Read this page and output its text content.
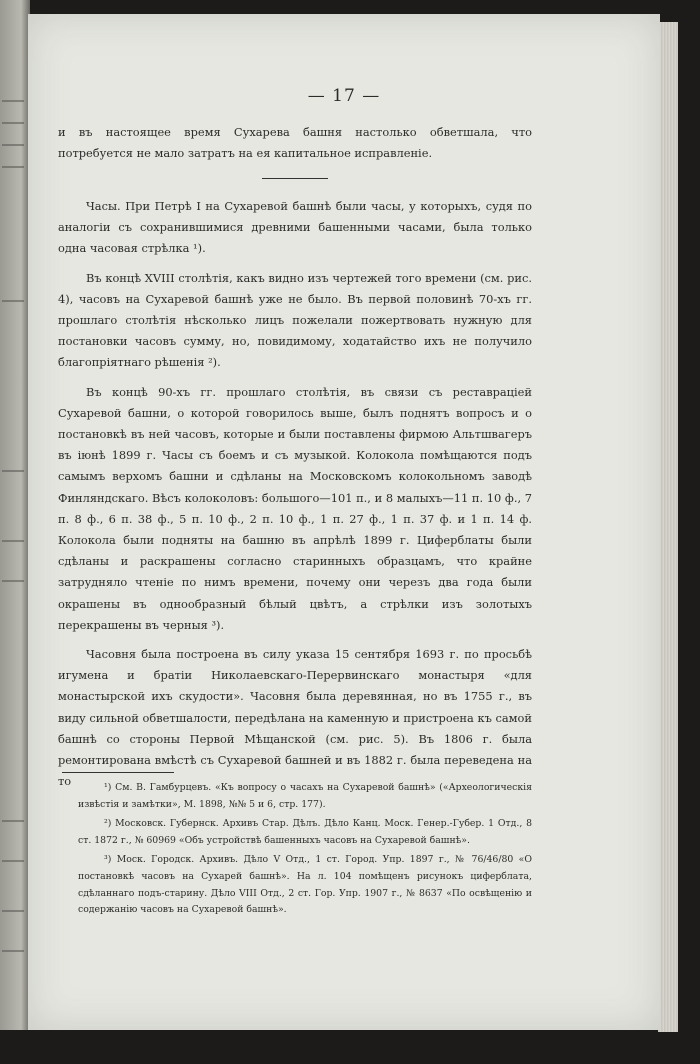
— 17 —

и въ настоящее время Сухарева башня настолько обветшала, что потребуется не мало затратъ на ея капитальное исправленіе.

Часы. При Петрѣ I на Сухаревой башнѣ были часы, у которыхъ, судя по аналогіи съ сохранившимися древними башенными часами, была только одна часовая стрѣлка ¹).

Въ концѣ XVIII столѣтія, какъ видно изъ чертежей того времени (см. рис. 4), часовъ на Сухаревой башнѣ уже не было. Въ первой половинѣ 70-хъ гг. прошлаго столѣтія нѣсколько лицъ пожелали пожертвовать нужную для постановки часовъ сумму, но, повидимому, ходатайство ихъ не получило благопріятнаго рѣшенія ²).

Въ концѣ 90-хъ гг. прошлаго столѣтія, въ связи съ реставраціей Сухаревой башни, о которой говорилось выше, былъ поднятъ вопросъ и о постановкѣ въ ней часовъ, которые и были поставлены фирмою Альтшвагеръ въ іюнѣ 1899 г. Часы съ боемъ и съ музыкой. Колокола помѣщаются подъ самымъ верхомъ башни и сдѣланы на Московскомъ колокольномъ заводѣ Финляндскаго. Вѣсъ колоколовъ: большого—101 п., и 8 малыхъ—11 п. 10 ф., 7 п. 8 ф., 6 п. 38 ф., 5 п. 10 ф., 2 п. 10 ф., 1 п. 27 ф., 1 п. 37 ф. и 1 п. 14 ф. Колокола были подняты на башню въ апрѣлѣ 1899 г. Циферблаты были сдѣланы и раскрашены согласно старинныхъ образцамъ, что крайне затрудняло чтеніе по нимъ времени, почему они черезъ два года были окрашены въ однообразный бѣлый цвѣтъ, а стрѣлки изъ золотыхъ перекрашены въ черныя ³).

Часовня была построена въ силу указа 15 сентября 1693 г. по просьбѣ игумена и братіи Николаевскаго-Перервинскаго монастыря «для монастырской ихъ скудости». Часовня была деревянная, но въ 1755 г., въ виду сильной обветшалости, передѣлана на каменную и пристроена къ самой башнѣ со стороны Первой Мѣщанской (см. рис. 5). Въ 1806 г. была ремонтирована вмѣстѣ съ Сухаревой башней и въ 1882 г. была переведена на то	¹) См. В. Гамбурцевъ. «Къ вопросу о часахъ на Сухаревой башнѣ» («Археологическія извѣстія и замѣтки», М. 1898, №№ 5 и 6, стр. 177).

²) Московск. Губернск. Архивъ Стар. Дѣлъ. Дѣло Канц. Моск. Генер.-Губер. 1 Отд., 8 ст. 1872 г., № 60969 «Объ устройствѣ башенныхъ часовъ на Сухаревой башнѣ».

³) Моск. Городск. Архивъ. Дѣло V Отд., 1 ст. Город. Упр. 1897 г., № 76/46/80 «О постановкѣ часовъ на Сухарей башнѣ». На л. 104 помѣщенъ рисунокъ циферблата, сдѣланнаго подъ-старину. Дѣло VIII Отд., 2 ст. Гор. Упр. 1907 г., № 8637 «По освѣщенію и содержанію часовъ на Сухаревой башнѣ».
